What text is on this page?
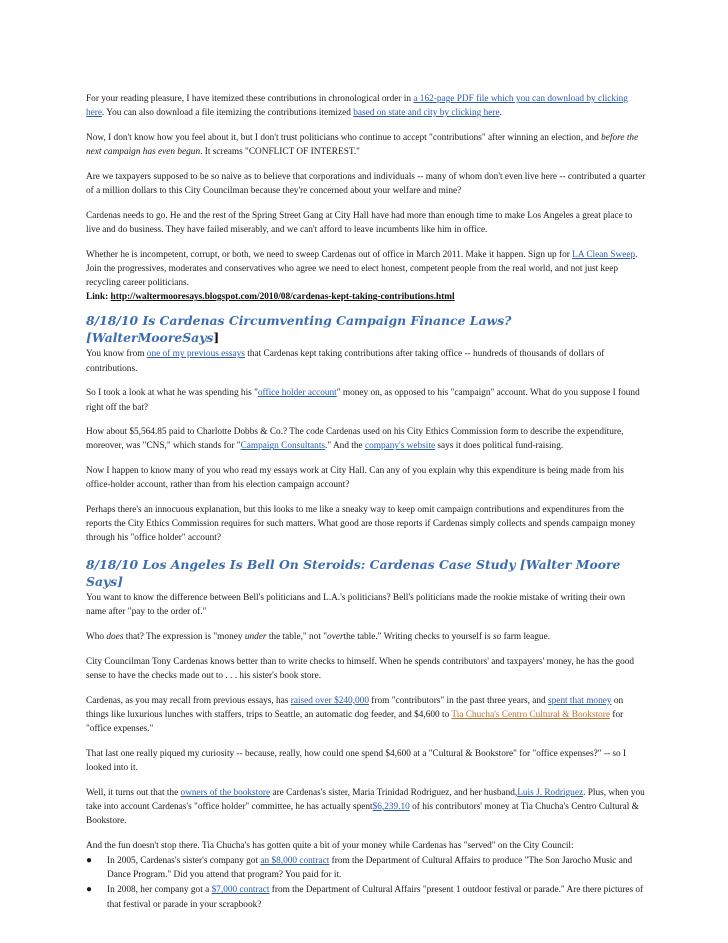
For your reading pleasure, I have itemized these contributions in chronological order in a 162-page PDF file which you can download by clicking here. You can also download a file itemizing the contributions itemized based on state and city by clicking here.

Now, I don't know how you feel about it, but I don't trust politicians who continue to accept "contributions" after winning an election, and before the next campaign has even begun. It screams "CONFLICT OF INTEREST."

Are we taxpayers supposed to be so naive as to believe that corporations and individuals -- many of whom don't even live here -- contributed a quarter of a million dollars to this City Councilman because they're concerned about your welfare and mine?

Cardenas needs to go. He and the rest of the Spring Street Gang at City Hall have had more than enough time to make Los Angeles a great place to live and do business. They have failed miserably, and we can't afford to leave incumbents like him in office.

Whether he is incompetent, corrupt, or both, we need to sweep Cardenas out of office in March 2011. Make it happen. Sign up for LA Clean Sweep. Join the progressives, moderates and conservatives who agree we need to elect honest, competent people from the real world, and not just keep recycling career politicians.
Link: http://waltermooresays.blogspot.com/2010/08/cardenas-kept-taking-contributions.html

8/18/10 Is Cardenas Circumventing Campaign Finance Laws? [WalterMooreSays]

You know from one of my previous essays that Cardenas kept taking contributions after taking office -- hundreds of thousands of dollars of contributions.

So I took a look at what he was spending his "office holder account" money on, as opposed to his "campaign" account. What do you suppose I found right off the bat?

How about $5,564.85 paid to Charlotte Dobbs & Co.? The code Cardenas used on his City Ethics Commission form to describe the expenditure, moreover, was "CNS," which stands for "Campaign Consultants." And the company's website says it does political fund-raising.

Now I happen to know many of you who read my essays work at City Hall. Can any of you explain why this expenditure is being made from his office-holder account, rather than from his election campaign account?

Perhaps there's an innocuous explanation, but this looks to me like a sneaky way to keep omit campaign contributions and expenditures from the reports the City Ethics Commission requires for such matters. What good are those reports if Cardenas simply collects and spends campaign money through his "office holder" account?

8/18/10 Los Angeles Is Bell On Steroids: Cardenas Case Study [Walter Moore Says]

You want to know the difference between Bell's politicians and L.A.'s politicians? Bell's politicians made the rookie mistake of writing their own name after "pay to the order of."

Who does that? The expression is "money under the table," not "overthe table." Writing checks to yourself is so farm league.

City Councilman Tony Cardenas knows better than to write checks to himself. When he spends contributors' and taxpayers' money, he has the good sense to have the checks made out to . . . his sister's book store.

Cardenas, as you may recall from previous essays, has raised over $240,000 from "contributors" in the past three years, and spent that money on things like luxurious lunches with staffers, trips to Seattle, an automatic dog feeder, and $4,600 to Tia Chucha's Centro Cultural & Bookstore for "office expenses."

That last one really piqued my curiosity -- because, really, how could one spend $4,600 at a "Cultural & Bookstore" for "office expenses?" -- so I looked into it.

Well, it turns out that the owners of the bookstore are Cardenas's sister, Maria Trinidad Rodriguez, and her husband,Luis J. Rodriguez. Plus, when you take into account Cardenas's "office holder" committee, he has actually spent$6,239.10 of his contributors' money at Tia Chucha's Centro Cultural & Bookstore.

And the fun doesn't stop there. Tia Chucha's has gotten quite a bit of your money while Cardenas has "served" on the City Council:

● In 2005, Cardenas's sister's company got an $8,000 contract from the Department of Cultural Affairs to produce "The Son Jarocho Music and Dance Program." Did you attend that program? You paid for it.
● In 2008, her company got a $7,000 contract from the Department of Cultural Affairs "present 1 outdoor festival or parade." Are there pictures of that festival or parade in your scrapbook?
